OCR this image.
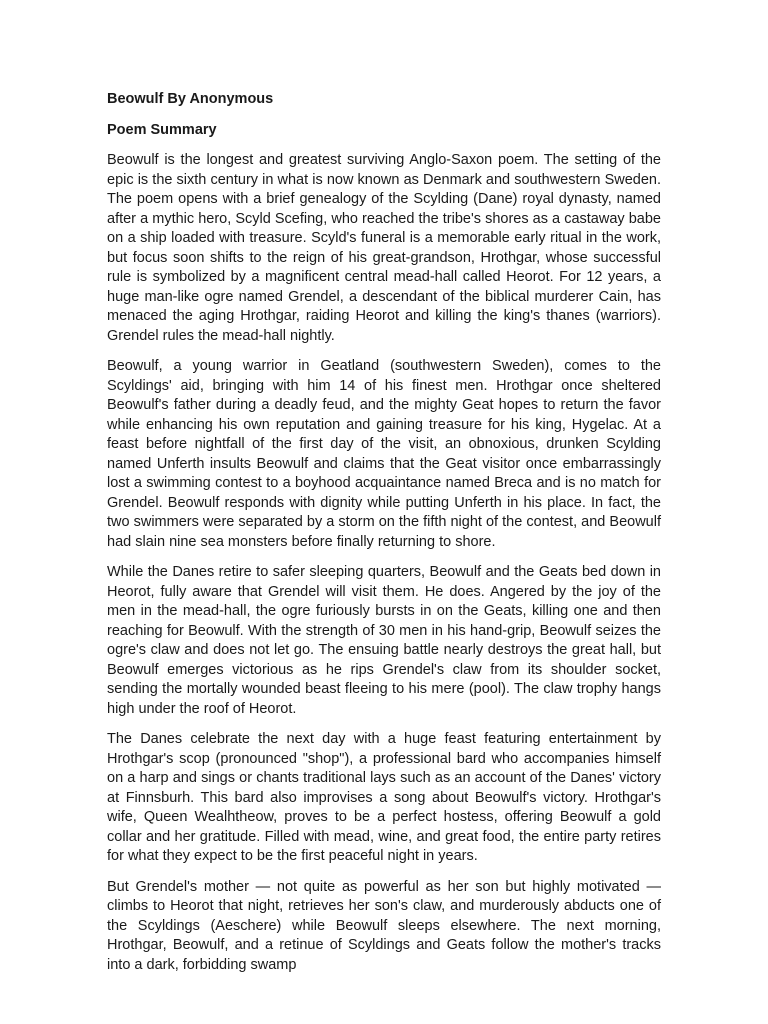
Beowulf By Anonymous

Poem Summary

Beowulf is the longest and greatest surviving Anglo-Saxon poem. The setting of the epic is the sixth century in what is now known as Denmark and southwestern Sweden. The poem opens with a brief genealogy of the Scylding (Dane) royal dynasty, named after a mythic hero, Scyld Scefing, who reached the tribe's shores as a castaway babe on a ship loaded with treasure. Scyld's funeral is a memorable early ritual in the work, but focus soon shifts to the reign of his great-grandson, Hrothgar, whose successful rule is symbolized by a magnificent central mead-hall called Heorot. For 12 years, a huge man-like ogre named Grendel, a descendant of the biblical murderer Cain, has menaced the aging Hrothgar, raiding Heorot and killing the king's thanes (warriors). Grendel rules the mead-hall nightly.

Beowulf, a young warrior in Geatland (southwestern Sweden), comes to the Scyldings' aid, bringing with him 14 of his finest men. Hrothgar once sheltered Beowulf's father during a deadly feud, and the mighty Geat hopes to return the favor while enhancing his own reputation and gaining treasure for his king, Hygelac. At a feast before nightfall of the first day of the visit, an obnoxious, drunken Scylding named Unferth insults Beowulf and claims that the Geat visitor once embarrassingly lost a swimming contest to a boyhood acquaintance named Breca and is no match for Grendel. Beowulf responds with dignity while putting Unferth in his place. In fact, the two swimmers were separated by a storm on the fifth night of the contest, and Beowulf had slain nine sea monsters before finally returning to shore.

While the Danes retire to safer sleeping quarters, Beowulf and the Geats bed down in Heorot, fully aware that Grendel will visit them. He does. Angered by the joy of the men in the mead-hall, the ogre furiously bursts in on the Geats, killing one and then reaching for Beowulf. With the strength of 30 men in his hand-grip, Beowulf seizes the ogre's claw and does not let go. The ensuing battle nearly destroys the great hall, but Beowulf emerges victorious as he rips Grendel's claw from its shoulder socket, sending the mortally wounded beast fleeing to his mere (pool). The claw trophy hangs high under the roof of Heorot.

The Danes celebrate the next day with a huge feast featuring entertainment by Hrothgar's scop (pronounced "shop"), a professional bard who accompanies himself on a harp and sings or chants traditional lays such as an account of the Danes' victory at Finnsburh. This bard also improvises a song about Beowulf's victory. Hrothgar's wife, Queen Wealhtheow, proves to be a perfect hostess, offering Beowulf a gold collar and her gratitude. Filled with mead, wine, and great food, the entire party retires for what they expect to be the first peaceful night in years.

But Grendel's mother — not quite as powerful as her son but highly motivated — climbs to Heorot that night, retrieves her son's claw, and murderously abducts one of the Scyldings (Aeschere) while Beowulf sleeps elsewhere. The next morning, Hrothgar, Beowulf, and a retinue of Scyldings and Geats follow the mother's tracks into a dark, forbidding swamp
